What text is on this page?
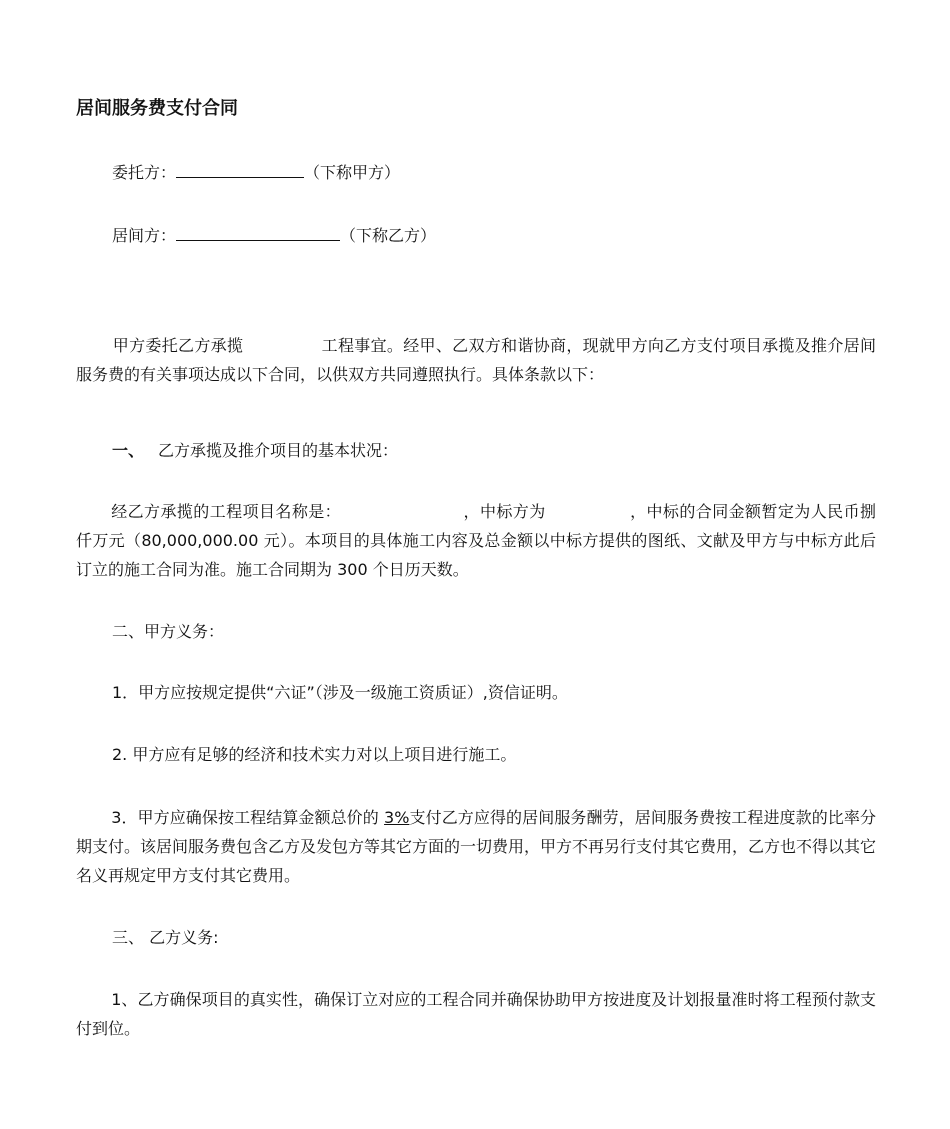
居间服务费支付合同
委托方：	（下称甲方）
居间方：	（下称乙方）

甲方委托乙方承揽	工程事宜。经甲、乙双方和谐协商，现就甲方向乙方支付项目承揽及推介居间服务费的有关事项达成以下合同，以供双方共同遵照执行。具体条款以下：

一、 乙方承揽及推介项目的基本状况：

经乙方承揽的工程项目名称是：	，中标方为	，中标的合同金额暂定为人民币捌仟万元（80,000,000.00 元）。本项目的具体施工内容及总金额以中标方提供的图纸、文献及甲方与中标方此后订立的施工合同为准。施工合同期为 300 个日历天数。

二、甲方义务：
1．甲方应按规定提供“六证”（涉及一级施工资质证）,资信证明。
2. 甲方应有足够的经济和技术实力对以上项目进行施工。

3．甲方应确保按工程结算金额总价的 3%支付乙方应得的居间服务酬劳，居间服务费按工程进度款的比率分期支付。该居间服务费包含乙方及发包方等其它方面的一切费用，甲方不再另行支付其它费用，乙方也不得以其它名义再规定甲方支付其它费用。

三、 乙方义务:

1、乙方确保项目的真实性，确保订立对应的工程合同并确保协助甲方按进度及计划报量准时将工程预付款支付到位。
